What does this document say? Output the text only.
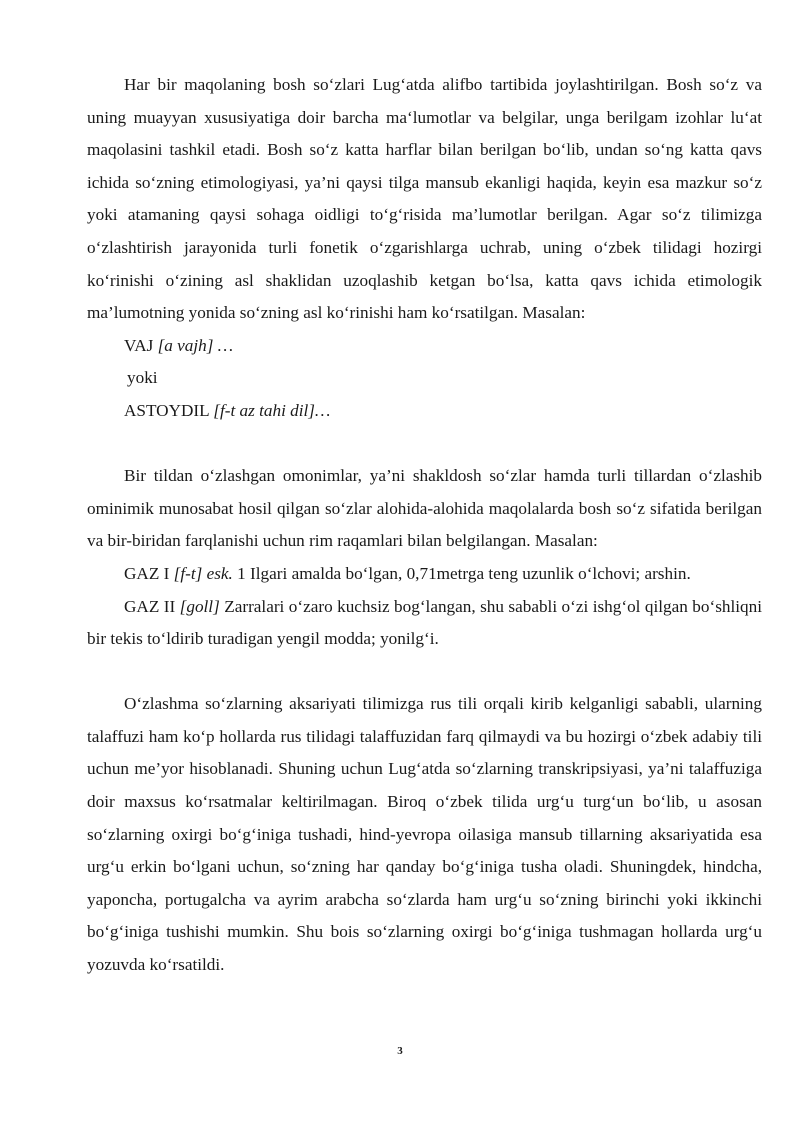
Har bir maqolaning bosh so‘zlari Lug‘atda alifbo tartibida joylashtirilgan. Bosh so‘z va uning muayyan xususiyatiga doir barcha ma‘lumotlar va belgilar, unga berilgam izohlar lu‘at maqolasini tashkil etadi. Bosh so‘z katta harflar bilan berilgan bo‘lib, undan so‘ng katta qavs ichida so‘zning etimologiyasi, ya’ni qaysi tilga mansub ekanligi haqida, keyin esa mazkur so‘z yoki atamaning qaysi sohaga oidligi to‘g‘risida ma’lumotlar berilgan. Agar so‘z tilimizga o‘zlashtirish jarayonida turli fonetik o‘zgarishlarga uchrab, uning o‘zbek tilidagi hozirgi ko‘rinishi o‘zining asl shaklidan uzoqlashib ketgan bo‘lsa, katta qavs ichida etimologik ma’lumotning yonida so‘zning asl ko‘rinishi ham ko‘rsatilgan. Masalan:

VAJ [a vajh] …
yoki
ASTOYDIL [f-t az tahi dil]…

Bir tildan o‘zlashgan omonimlar, ya’ni shakldosh so‘zlar hamda turli tillardan o‘zlashib ominimik munosabat hosil qilgan so‘zlar alohida-alohida maqolalarda bosh so‘z sifatida berilgan va bir-biridan farqlanishi uchun rim raqamlari bilan belgilangan. Masalan:

GAZ I [f-t] esk. 1 Ilgari amalda bo‘lgan, 0,71metrga teng uzunlik o‘lchovi; arshin.

GAZ II [goll] Zarralari o‘zaro kuchsiz bog‘langan, shu sababli o‘zi ishg‘ol qilgan bo‘shliqni bir tekis to‘ldirib turadigan yengil modda; yonilg‘i.

O‘zlashma so‘zlarning aksariyati tilimizga rus tili orqali kirib kelganligi sababli, ularning talaffuzi ham ko‘p hollarda rus tilidagi talaffuzidan farq qilmaydi va bu hozirgi o‘zbek adabiy tili uchun me’yor hisoblanadi. Shuning uchun Lug‘atda so‘zlarning transkripsiyasi, ya’ni talaffuziga doir maxsus ko‘rsatmalar keltirilmagan. Biroq o‘zbek tilida urg‘u turg‘un bo‘lib, u asosan so‘zlarning oxirgi bo‘g‘iniga tushadi, hind-yevropa oilasiga mansub tillarning aksariyatida esa urg‘u erkin bo‘lgani uchun, so‘zning har qanday bo‘g‘iniga tusha oladi. Shuningdek, hindcha, yaponcha, portugalcha va ayrim arabcha so‘zlarda ham urg‘u so‘zning birinchi yoki ikkinchi bo‘g‘iniga tushishi mumkin. Shu bois so‘zlarning oxirgi bo‘g‘iniga tushmagan hollarda urg‘u yozuvda ko‘rsatildi.

3
